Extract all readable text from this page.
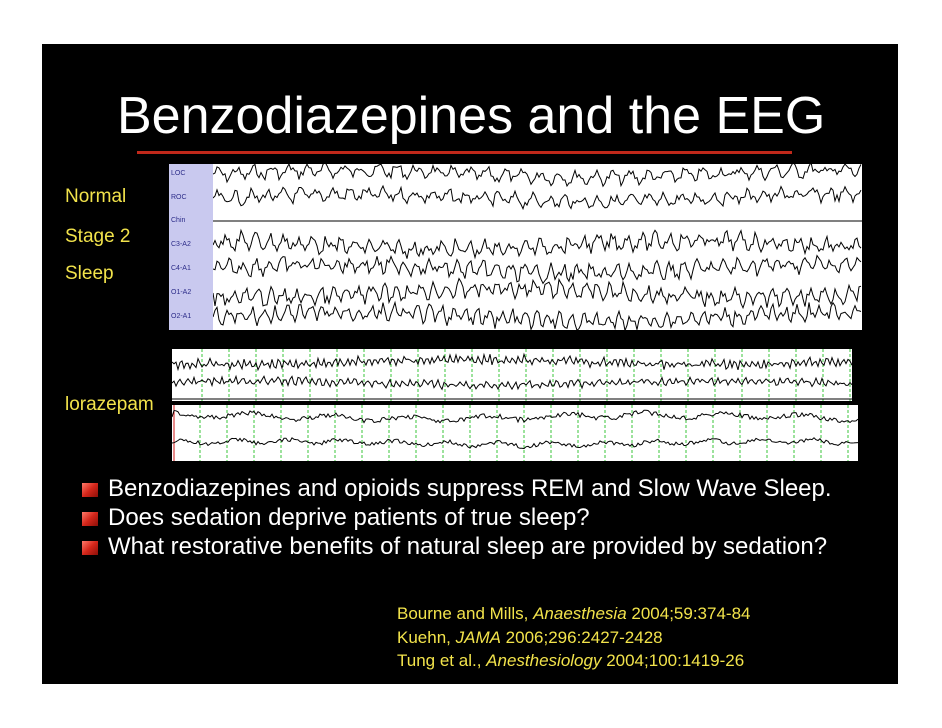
Benzodiazepines and the EEG
Normal
Stage 2
Sleep
lorazepam
LOC
ROC
Chin
C3-A2
C4-A1
O1-A2
O2-A1
Benzodiazepines and opioids suppress REM and Slow Wave Sleep.
Does sedation deprive patients of true sleep?
What restorative benefits of natural sleep are provided by sedation?
Bourne and Mills, Anaesthesia 2004;59:374-84
Kuehn, JAMA 2006;296:2427-2428
Tung et al., Anesthesiology 2004;100:1419-26
